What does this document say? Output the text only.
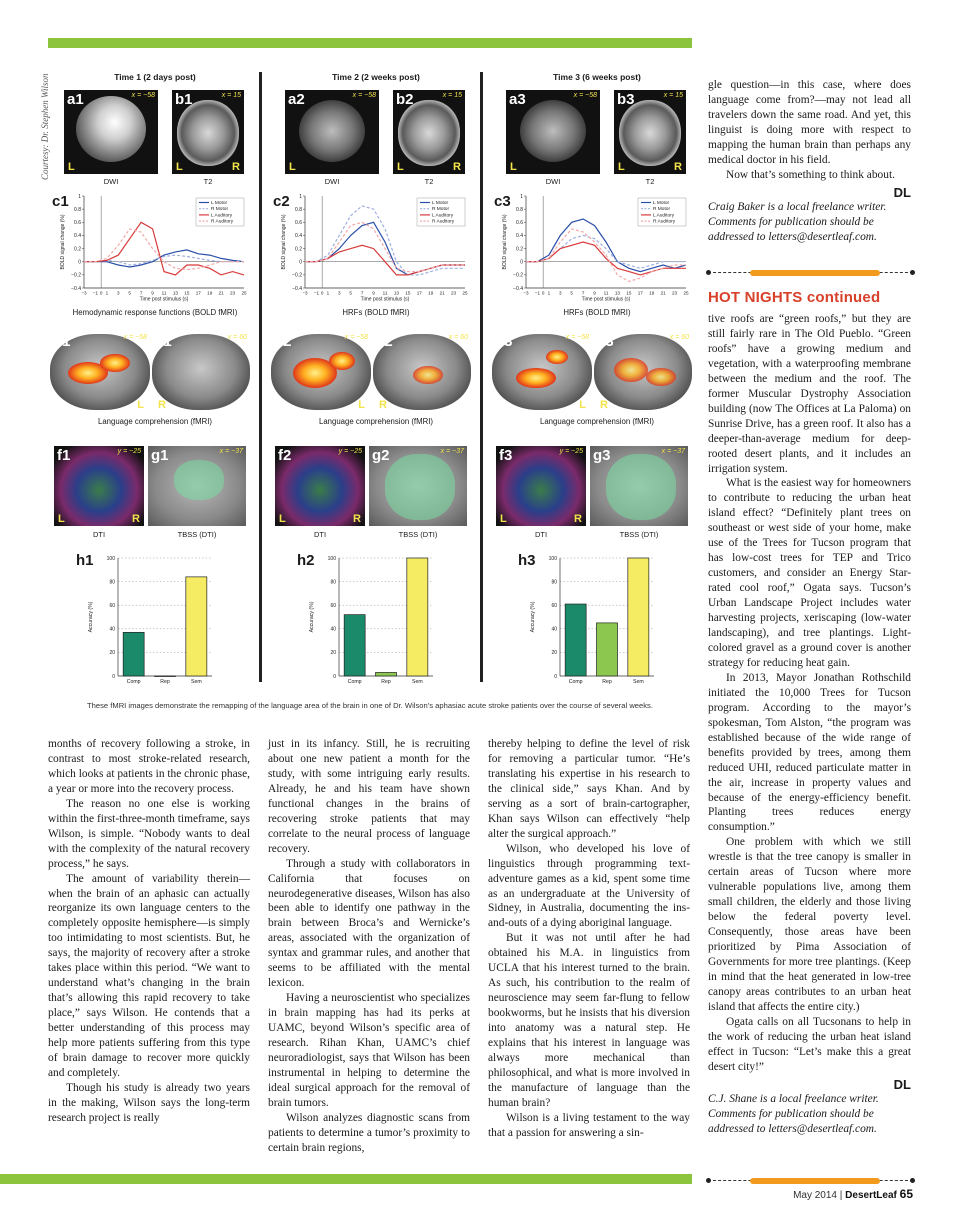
Courtesy: Dr. Stephen Wilson	Time 1 (2 days post)
a1	x = −58
L
DWI
b1	x = 15
L	R
T2
c1 1
0.8
0.6
0.4
0.2
0
−0.2
−0.4
−3 −1 0 1 3 5 7 9 11 13 15 17 19 21 23 25
Time post stimulus (s)
BOLD signal change (%)
L Motor
R Motor
L Auditory
R Auditory
Hemodynamic response functions (BOLD fMRI)
d1	x = −58
L
e1	x = 60
R
Language comprehension (fMRI)
f1	y = −25
L	R
DTI
g1	x = −37
TBSS (DTI)
h1
0
20
40
60
80
100
Accuracy (%)
Comp	Rep	Sem
Time 2 (2 weeks post)
a2	x = −58
L
DWI
b2	x = 15
L	R
T2
c2 1
0.8
0.6
0.4
0.2
0
−0.2
−0.4
−3 −1 0 1 3 5 7 9 11 13 15 17 19 21 23 25
Time post stimulus (s)
BOLD signal change (%)
L Motor
R Motor
L Auditory
R Auditory
HRFs (BOLD fMRI)
d2	x = −58
L
e2	x = 60
R
Language comprehension (fMRI)
f2	y = −25
L	R
DTI
g2	x = −37
TBSS (DTI)
h2
0
20
40
60
80
100
Accuracy (%)
Comp	Rep	Sem
Time 3 (6 weeks post)
a3	x = −58
L
DWI
b3	x = 15
L	R
T2
c3 1
0.8
0.6
0.4
0.2
0
−0.2
−0.4
−3 −1 0 1 3 5 7 9 11 13 15 17 19 21 23 25
Time post stimulus (s)
BOLD signal change (%)
L Motor
R Motor
L Auditory
R Auditory
HRFs (BOLD fMRI)
d3	x = −58
L
e3	x = 60
R
Language comprehension (fMRI)
f3	y = −25
L	R
DTI
g3	x = −37
TBSS (DTI)
h3
0
20
40
60
80
100
Accuracy (%)
Comp	Rep	Sem
These fMRI images demonstrate the remapping of the language area of the brain in one of Dr. Wilson’s aphasiac acute stroke patients over the course of several weeks.

months of recovery following a stroke, in contrast to most stroke-related research, which looks at patients in the chronic phase, a year or more into the recovery process.

The reason no one else is working within the first-three-month timeframe, says Wilson, is simple. “Nobody wants to deal with the complexity of the natural recovery process,” he says.

The amount of variability therein—when the brain of an aphasic can actually reorganize its own language centers to the completely opposite hemisphere—is simply too intimidating to most scientists. But, he says, the majority of recovery after a stroke takes place within this period. “We want to understand what’s changing in the brain that’s allowing this rapid recovery to take place,” says Wilson. He contends that a better understanding of this process may help more patients suffering from this type of brain damage to recover more quickly and completely.

Though his study is already two years in the making, Wilson says the long-term research project is really

just in its infancy. Still, he is recruiting about one new patient a month for the study, with some intriguing early results. Already, he and his team have shown functional changes in the brains of recovering stroke patients that may correlate to the neural process of language recovery.

Through a study with collaborators in California that focuses on neurodegenerative diseases, Wilson has also been able to identify one pathway in the brain between Broca’s and Wernicke’s areas, associated with the organization of syntax and grammar rules, and another that seems to be affiliated with the mental lexicon.

Having a neuroscientist who specializes in brain mapping has had its perks at UAMC, beyond Wilson’s specific area of research. Rihan Khan, UAMC’s chief neuroradiologist, says that Wilson has been instrumental in helping to determine the ideal surgical approach for the removal of brain tumors.

Wilson analyzes diagnostic scans from patients to determine a tumor’s proximity to certain brain regions,

thereby helping to define the level of risk for removing a particular tumor. “He’s translating his expertise in his research to the clinical side,” says Khan. And by serving as a sort of brain-cartographer, Khan says Wilson can effectively “help alter the surgical approach.”

Wilson, who developed his love of linguistics through programming text-adventure games as a kid, spent some time as an undergraduate at the University of Sidney, in Australia, documenting the ins-and-outs of a dying aboriginal language.

But it was not until after he had obtained his M.A. in linguistics from UCLA that his interest turned to the brain. As such, his contribution to the realm of neuroscience may seem far-flung to fellow bookworms, but he insists that his diversion into anatomy was a natural step. He explains that his interest in language was always more mechanical than philosophical, and what is more involved in the manufacture of language than the human brain?

Wilson is a living testament to the way that a passion for answering a sin-

gle question—in this case, where does language come from?—may not lead all travelers down the same road. And yet, this linguist is doing more with respect to mapping the human brain than perhaps any medical doctor in his field.

Now that’s something to think about.

DL

Craig Baker is a local freelance writer. Comments for publication should be addressed to letters@desertleaf.com.

HOT NIGHTS continued

tive roofs are “green roofs,” but they are still fairly rare in The Old Pueblo. “Green roofs” have a growing medium and vegetation, with a waterproofing membrane between the medium and the roof. The former Muscular Dystrophy Association building (now The Offices at La Paloma) on Sunrise Drive, has a green roof. It also has a deeper-than-average medium for deep-rooted desert plants, and it includes an irrigation system.

What is the easiest way for homeowners to contribute to reducing the urban heat island effect? “Definitely plant trees on southeast or west side of your home, make use of the Trees for Tucson program that has low-cost trees for TEP and Trico customers, and consider an Energy Star-rated cool roof,” Ogata says. Tucson’s Urban Landscape Project includes water harvesting projects, xeriscaping (low-water landscaping), and tree plantings. Light-colored gravel as a ground cover is another strategy for reducing heat gain.

In 2013, Mayor Jonathan Rothschild initiated the 10,000 Trees for Tucson program. According to the mayor’s spokesman, Tom Alston, “the program was established because of the wide range of benefits provided by trees, among them reduced UHI, reduced particulate matter in the air, increase in property values and because of the energy-efficiency benefit. Planting trees reduces energy consumption.”

One problem with which we still wrestle is that the tree canopy is smaller in certain areas of Tucson where more vulnerable populations live, among them small children, the elderly and those living below the federal poverty level. Consequently, those areas have been prioritized by Pima Association of Governments for more tree plantings. (Keep in mind that the heat generated in low-tree canopy areas contributes to an urban heat island that affects the entire city.)

Ogata calls on all Tucsonans to help in the work of reducing the urban heat island effect in Tucson: “Let’s make this a great desert city!”

DL

C.J. Shane is a local freelance writer. Comments for publication should be addressed to letters@desertleaf.com.

May 2014 | DesertLeaf 65
